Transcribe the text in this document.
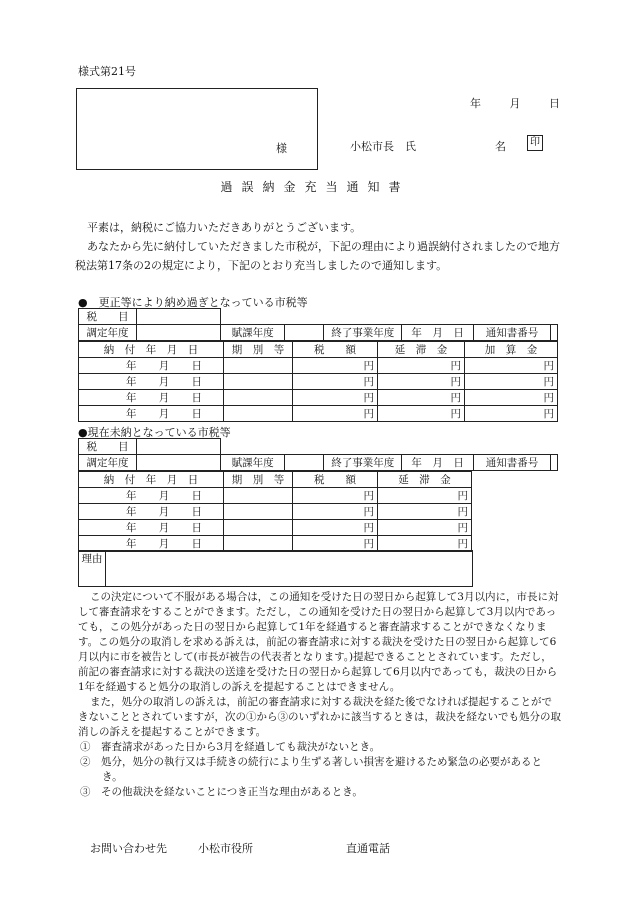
様式第21号
様
年	月	日
小松市長　氏	名	印
過誤納金充当通知書

平素は，納税にご協力いただきありがとうございます。

あなたから先に納付していただきました市税が，下記の理由により過誤納付されましたので地方税法第17条の2の規定により，下記のとおり充当しましたので通知します。

●　更正等により納め過ぎとなっている市税等
税　　目							
調定年度		賦課年度		終了事業年度	年　月　日	通知書番号	
納　付　年　月　日	期　別　等	税　　額	延　滞　金	加　算　金

年 月 日		円	円	円

年 月 日		円	円	円

年 月 日		円	円	円

年 月 日		円	円	円
●現在未納となっている市税等
税　　目							
調定年度		賦課年度		終了事業年度	年　月　日	通知書番号	
納　付　年　月　日	期　別　等	税　　額	延　滞　金

年 月 日		円	円

年 月 日		円	円

年 月 日		円	円

年 月 日		円	円
理由

この決定について不服がある場合は，この通知を受けた日の翌日から起算して3月以内に，市長に対して審査請求をすることができます。ただし，この通知を受けた日の翌日から起算して3月以内であっても，この処分があった日の翌日から起算して1年を経過すると審査請求することができなくなります。この処分の取消しを求める訴えは，前記の審査請求に対する裁決を受けた日の翌日から起算して6月以内に市を被告として(市長が被告の代表者となります。)提起できることとされています。ただし，前記の審査請求に対する裁決の送達を受けた日の翌日から起算して6月以内であっても，裁決の日から1年を経過すると処分の取消しの訴えを提起することはできません。

また，処分の取消しの訴えは，前記の審査請求に対する裁決を経た後でなければ提起することができないこととされていますが，次の①から③のいずれかに該当するときは，裁決を経ないでも処分の取消しの訴えを提起することができます。

①　審査請求があった日から3月を経過しても裁決がないとき。

②　処分，処分の執行又は手続きの続行により生ずる著しい損害を避けるため緊急の必要があるとき。

③　その他裁決を経ないことにつき正当な理由があるとき。

お問い合わせ先	小松市役所	直通電話
